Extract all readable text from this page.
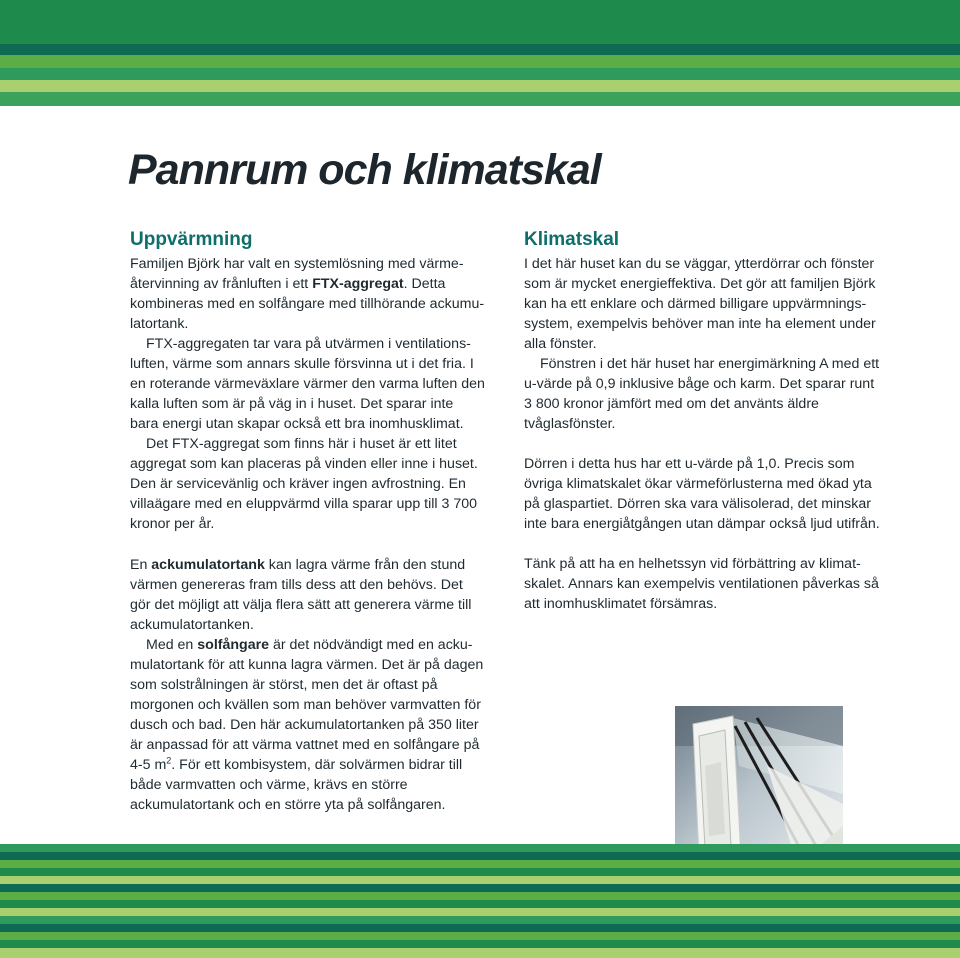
Pannrum och klimatskal
Uppvärmning

Familjen Björk har valt en systemlösning med värmeåtervinning av frånluften i ett FTX-aggregat. Detta kombineras med en solfångare med tillhörande ackumulatortank.

FTX-aggregaten tar vara på utvärmen i ventilationsluften, värme som annars skulle försvinna ut i det fria. I en roterande värmeväxlare värmer den varma luften den kalla luften som är på väg in i huset. Det sparar inte bara energi utan skapar också ett bra inomhusklimat.

Det FTX-aggregat som finns här i huset är ett litet aggregat som kan placeras på vinden eller inne i huset. Den är servicevänlig och kräver ingen avfrostning. En villaägare med en eluppvärmd villa sparar upp till 3 700 kronor per år.

En ackumulatortank kan lagra värme från den stund värmen genereras fram tills dess att den behövs. Det gör det möjligt att välja flera sätt att generera värme till ackumulatortanken.

Med en solfångare är det nödvändigt med en ackumulatortank för att kunna lagra värmen. Det är på dagen som solstrålningen är störst, men det är oftast på morgonen och kvällen som man behöver varmvatten för dusch och bad. Den här ackumulatortanken på 350 liter är anpassad för att värma vattnet med en solfångare på 4-5 $m^2$. För ett kombisystem, där solvärmen bidrar till både varmvatten och värme, krävs en större ackumulatortank och en större yta på solfångaren.

Klimatskal

I det här huset kan du se väggar, ytterdörrar och fönster som är mycket energieffektiva. Det gör att familjen Björk kan ha ett enklare och därmed billigare uppvärmningssystem, exempelvis behöver man inte ha element under alla fönster.

Fönstren i det här huset har energimärkning A med ett u-värde på 0,9 inklusive båge och karm. Det sparar runt 3 800 kronor jämfört med om det använts äldre tvåglasfönster.

Dörren i detta hus har ett u-värde på 1,0. Precis som övriga klimatskalet ökar värmeförlusterna med ökad yta på glaspartiet. Dörren ska vara välisolerad, det minskar inte bara energiåtgången utan dämpar också ljud utifrån.

Tänk på att ha en helhetssyn vid förbättring av klimatskalet. Annars kan exempelvis ventilationen påverkas så att inomhusklimatet försämras.
